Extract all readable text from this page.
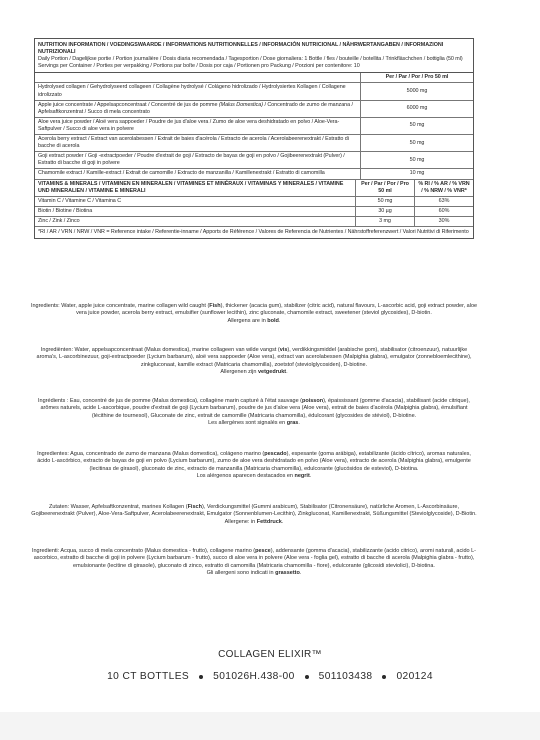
NUTRITION INFORMATION / VOEDINGSWAARDE / INFORMATIONS NUTRITIONNELLES / INFORMACIÓN NUTRICIONAL / NÄHRWERTANGABEN / INFORMAZIONI NUTRIZIONALI
Daily Portion / Dagelijkse portie / Portion journalière / Dosis diaria recomendada / Tagesportion / Dose giornaliera: 1 Bottle / fles / bouteille / botellita / Trinkfläschchen / bottiglia (50 ml)
Servings per Container / Porties per verpakking / Portions par boîte / Dosis por caja / Portionen pro Packung / Porzioni per contenitore: 10
	Per / Par / Por / Pro 50 ml
Hydrolysed collagen / Gehydrolyseerd collageen / Collagène hydrolysé / Colágeno hidrolizado / Hydrolysiertes Kollagen / Collagene idrolizzato	5000 mg
Apple juice concentrate / Appelsapconcentraat / Concentré de jus de pomme (Malus Domestica) / Concentrado de zumo de manzana / Apfelsaftkonzentrat / Succo di mela concentrato	6000 mg
Aloe vera juice powder / Aloë vera sappoeder / Poudre de jus d'aloe vera / Zumo de aloe vera deshidratado en polvo / Aloe-Vera-Saftpulver / Succo di aloe vera in polvere	50 mg
Acerola berry extract / Extract van acerolabessen / Extrait de baies d'acérola / Extracto de acerola / Acerolabeerenextrakt / Estratto di bacche di acerola	50 mg
Goji extract powder / Goji -extractpoeder / Poudre d'extrait de goji / Extracto de bayas de goji en polvo / Gojibeerenextrakt (Pulver) / Estratto di bacche di goji in polvere	50 mg
Chamomile extract / Kamille-extract / Extrait de camomille / Extracto de manzanilla / Kamillenextrakt / Estratto di camomilla	10 mg
VITAMINS & MINERALS / VITAMINEN EN MINERALEN / VITAMINES ET MINÉRAUX / VITAMINAS Y MINERALES / VITAMINE UND MINERALIEN / VITAMINE E MINERALI	Per / Par / Por / Pro 50 ml	% RI / % AR / % VRN / % NRW / % VNR*
Vitamin C / Vitamine C / Vitamina C	50 mg	63%
Biotin / Biotine / Biotina	30 µg	60%
Zinc / Zink / Zinco	3 mg	30%
*RI / AR / VRN / NRW / VNR = Reference intake / Referentie-inname / Apports de Référence / Valores de Referencia de Nutrientes / Nährstoffreferenzwert / Valori Nutritivi di Riferimento
Ingredients: Water, apple juice concentrate, marine collagen wild caught (Fish), thickener (acacia gum), stabilizer (citric acid), natural flavours, L-ascorbic acid, goji extract powder, aloe vera juice powder, acerola berry extract, emulsifier (sunflower lecithin), zinc gluconate, chamomile extract, sweetener (steviol glycosides), D-biotin.
Allergens are in bold.
Ingrediënten: Water, appelsapconcentraat (Malus domestica), marine collageen van wilde vangst (vis), verdikkingsmiddel (arabische gom), stabilisator (citroenzuur), natuurlijke aroma's, L-ascorbinezuur, goji-extractpoeder (Lycium barbarum), aloë vera sappoeder (Aloe vera), extract van acerolabessen (Malpighia glabra), emulgator (zonnebloemlecithine), zinkgluconaat, kamille extract (Matricaria chamomilla), zoetstof (steviolglycosiden), D-biotine.
Allergenen zijn vetgedrukt.
Ingrédients : Eau, concentré de jus de pomme (Malus domestica), collagène marin capturé à l'état sauvage (poisson), épaississant (gomme d'acacia), stabilisant (acide citrique), arômes naturels, acide L-ascorbique, poudre d'extrait de goji (Lycium barbarum), poudre de jus d'aloe vera (Aloe vera), extrait de baies d'acérola (Malpighia glabra), émulsifiant (lécithine de tournesol), Gluconate de zinc, extrait de camomille (Matricaria chamomilla), édulcorant (glycosides de stéviol), D-biotine.
Les allergènes sont signalés en gras.
Ingredientes: Agua, concentrado de zumo de manzana (Malus domestica), colágeno marino (pescado), espesante (goma arábiga), estabilizante (ácido cítrico), aromas naturales, ácido L-ascórbico, extracto de bayas de goji en polvo (Lycium barbarum), zumo de aloe vera deshidratado en polvo (Aloe vera), extracto de acerola (Malpighia glabra), emulgente (lecitinas de girasol), gluconato de zinc, extracto de manzanilla (Matricaria chamomilla), edulcorante (glucósidos de esteviol), D-biotina.
Los alérgenos aparecen destacados en negrit.
Zutaten: Wasser, Apfelsaftkonzentrat, marines Kollagen (Fisch), Verdickungsmittel (Gummi arabicum), Stabilisator (Citronensäure), natürliche Aromen, L-Ascorbinsäure, Gojibeerenextrakt (Pulver), Aloe-Vera-Saftpulver, Acerolabeerenextrakt, Emulgator (Sonnenblumen-Lecithin), Zinkgluconat, Kamillenextrakt, Süßungsmittel (Steviolglycoside), D-Biotin.
Allergene: in Fettdruck.
Ingredienti: Acqua, succo di mela concentrato (Malus domestica - frutto), collagene marino (pesce), addensante (gomma d'acacia), stabilizzante (acido citrico), aromi naturali, acido L-ascorbico, estratto di bacche di goji in polvere (Lycium barbarum - frutto), succo di aloe vera in polvere (Aloe vera - foglia gel), estratto di bacche di acerola (Malpighia glabra - frutto), emulsionante (lecitine di girasole), gluconato di zinco, estratto di camomilla (Matricaria chamomilla - fiore), edulcorante (glicosidi steviolici), D-biotina.
Gli allergeni sono indicati in grassetto.
COLLAGEN ELIXIR™
10 CT BOTTLES 501026H.438-00 501103438 020124
